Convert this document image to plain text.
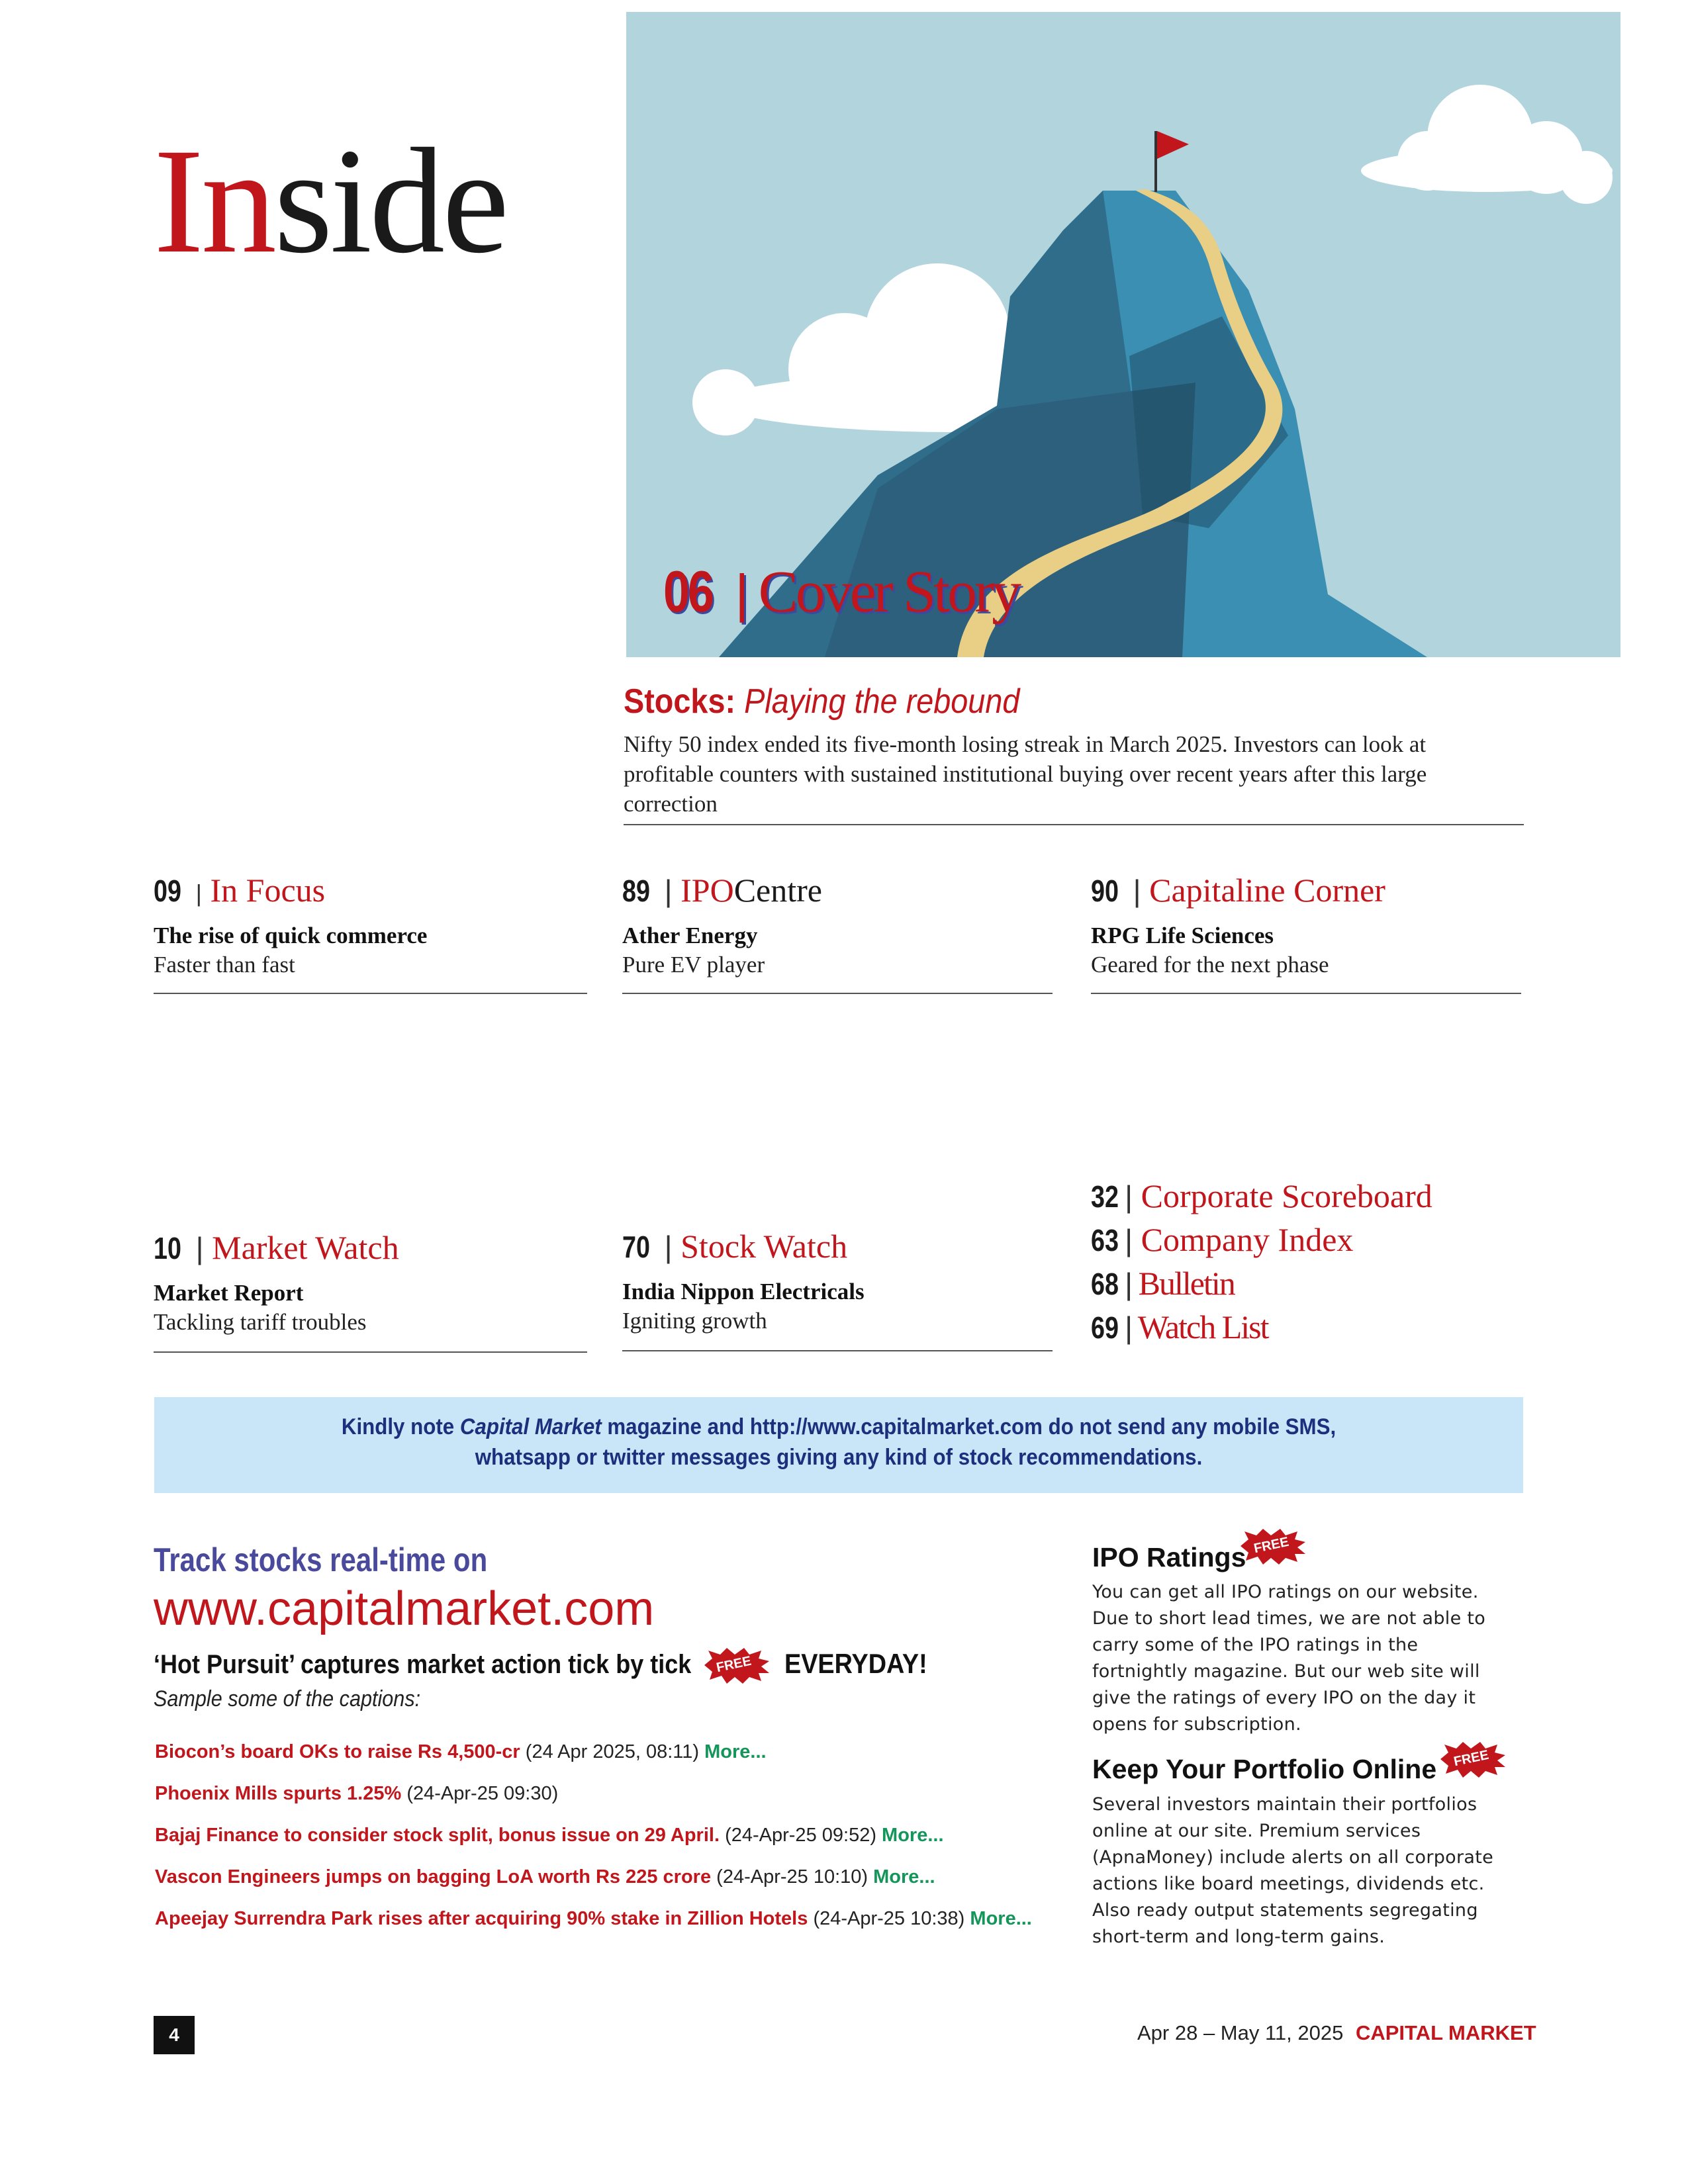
Inside
06 | Cover Story
Stocks: Playing the rebound
Nifty 50 index ended its five-month losing streak in March 2025. Investors can look at profitable counters with sustained institutional buying over recent years after this large correction
09 | In Focus
The rise of quick commerce
Faster than fast
89 | IPOCentre
Ather Energy
Pure EV player
90 | Capitaline Corner
RPG Life Sciences
Geared for the next phase
10 | Market Watch
Market Report
Tackling tariff troubles
70 | Stock Watch
India Nippon Electricals
Igniting growth
32 | Corporate Scoreboard
63 | Company Index
68 | Bulletin
69 | Watch List
Kindly note Capital Market magazine and http://www.capitalmarket.com do not send any mobile SMS,
whatsapp or twitter messages giving any kind of stock recommendations.
Track stocks real-time on
www.capitalmarket.com
‘Hot Pursuit’ captures market action tick by tick FREE EVERYDAY!
Sample some of the captions:
Biocon’s board OKs to raise Rs 4,500-cr (24 Apr 2025, 08:11) More...
Phoenix Mills spurts 1.25% (24-Apr-25 09:30)
Bajaj Finance to consider stock split, bonus issue on 29 April. (24-Apr-25 09:52) More...
Vascon Engineers jumps on bagging LoA worth Rs 225 crore (24-Apr-25 10:10) More...
Apeejay Surrendra Park rises after acquiring 90% stake in Zillion Hotels (24-Apr-25 10:38) More...
IPO Ratings FREE
You can get all IPO ratings on our website.
Due to short lead times, we are not able to
carry some of the IPO ratings in the
fortnightly magazine. But our web site will
give the ratings of every IPO on the day it
opens for subscription.
Keep Your Portfolio Online FREE
Several investors maintain their portfolios
online at our site. Premium services
(ApnaMoney) include alerts on all corporate
actions like board meetings, dividends etc.
Also ready output statements segregating
short-term and long-term gains.
4	Apr 28 – May 11, 2025 CAPITAL MARKET
